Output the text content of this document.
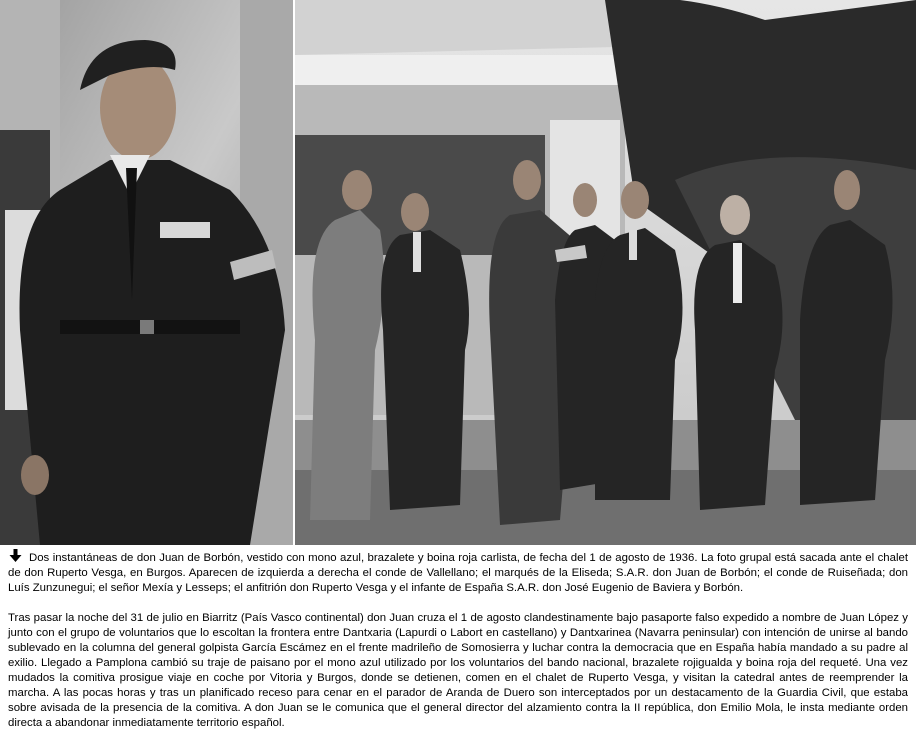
Dos instantáneas de don Juan de Borbón, vestido con mono azul, brazalete y boina roja carlista, de fecha del 1 de agosto de 1936. La foto grupal está sacada ante el chalet de don Ruperto Vesga, en Burgos. Aparecen de izquierda a derecha el conde de Vallellano; el marqués de la Eliseda; S.A.R. don Juan de Borbón; el conde de Ruiseñada; don Luís Zunzunegui; el señor Mexía y Lesseps; el anfitrión don Ruperto Vesga y el infante de España S.A.R. don José Eugenio de Baviera y Borbón.

Tras pasar la noche del 31 de julio en Biarritz (País Vasco continental) don Juan cruza el 1 de agosto clandestinamente bajo pasaporte falso expedido a nombre de Juan López y junto con el grupo de voluntarios que lo escoltan la frontera entre Dantxaria (Lapurdi o Labort en castellano) y Dantxarinea (Navarra peninsular) con intención de unirse al bando sublevado en la columna del general golpista García Escámez en el frente madrileño de Somosierra y luchar contra la democracia que en España había mandado a su padre al exilio. Llegado a Pamplona cambió su traje de paisano por el mono azul utilizado por los voluntarios del bando nacional, brazalete rojigualda y boina roja del requeté. Una vez mudados la comitiva prosigue viaje en coche por Vitoria y Burgos, donde se detienen, comen en el chalet de Ruperto Vesga, y visitan la catedral antes de reemprender la marcha. A las pocas horas y tras un planificado receso para cenar en el parador de Aranda de Duero son interceptados por un destacamento de la Guardia Civil, que estaba sobre avisada de la presencia de la comitiva. A don Juan se le comunica que el general director del alzamiento contra la II república, don Emilio Mola, le insta mediante orden directa a abandonar inmediatamente territorio español.
